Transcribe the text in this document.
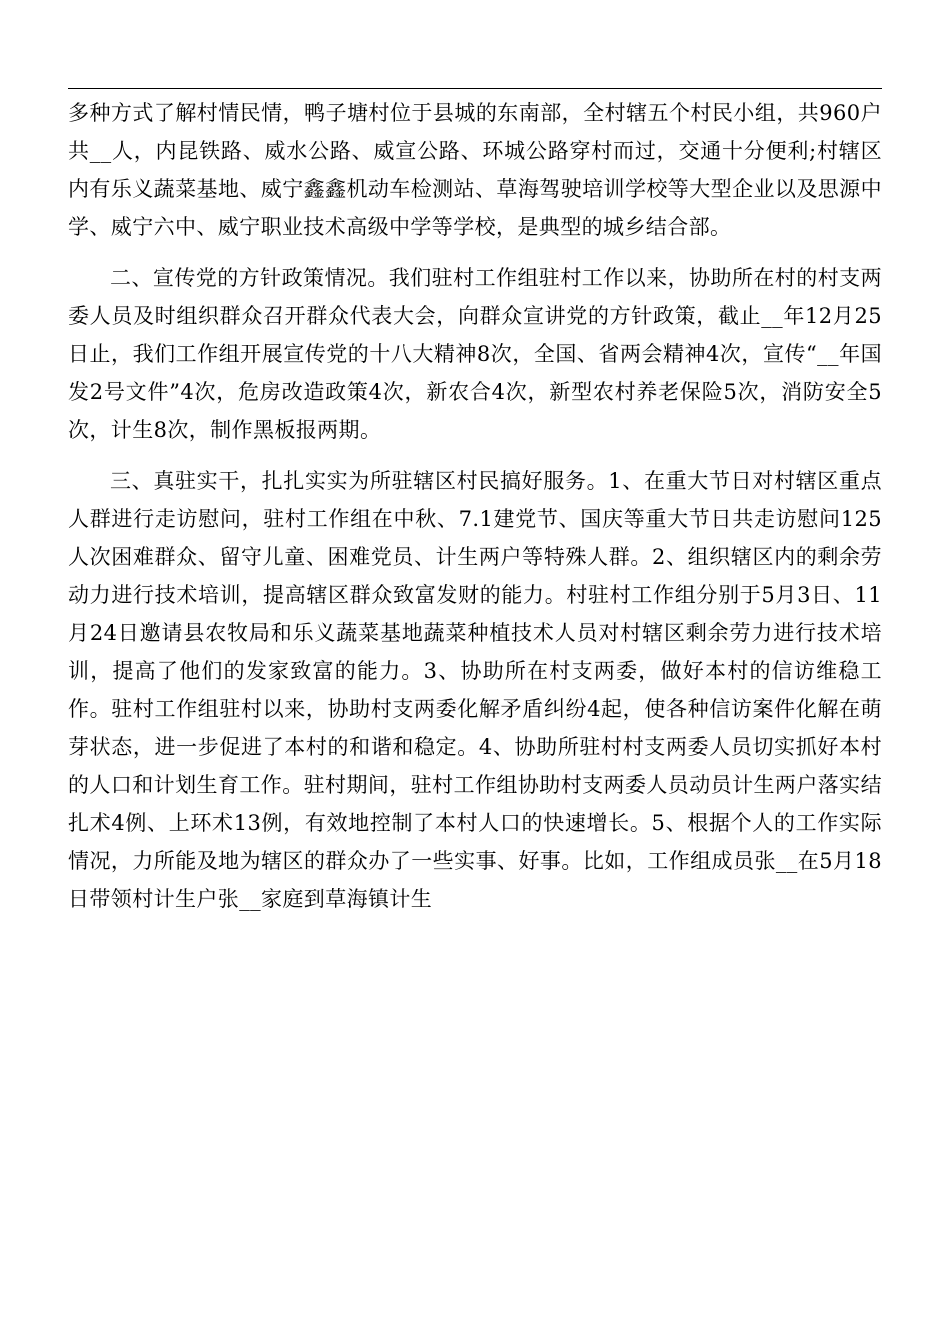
多种方式了解村情民情，鸭子塘村位于县城的东南部，全村辖五个村民小组，共960户共__人，内昆铁路、威水公路、威宣公路、环城公路穿村而过，交通十分便利;村辖区内有乐义蔬菜基地、威宁鑫鑫机动车检测站、草海驾驶培训学校等大型企业以及思源中学、威宁六中、威宁职业技术高级中学等学校，是典型的城乡结合部。

二、宣传党的方针政策情况。我们驻村工作组驻村工作以来，协助所在村的村支两委人员及时组织群众召开群众代表大会，向群众宣讲党的方针政策，截止__年12月25日止，我们工作组开展宣传党的十八大精神8次，全国、省两会精神4次，宣传“__年国发2号文件”4次，危房改造政策4次，新农合4次，新型农村养老保险5次，消防安全5次，计生8次，制作黑板报两期。

三、真驻实干，扎扎实实为所驻辖区村民搞好服务。1、在重大节日对村辖区重点人群进行走访慰问，驻村工作组在中秋、7.1建党节、国庆等重大节日共走访慰问125人次困难群众、留守儿童、困难党员、计生两户等特殊人群。2、组织辖区内的剩余劳动力进行技术培训，提高辖区群众致富发财的能力。村驻村工作组分别于5月3日、11月24日邀请县农牧局和乐义蔬菜基地蔬菜种植技术人员对村辖区剩余劳力进行技术培训，提高了他们的发家致富的能力。3、协助所在村支两委，做好本村的信访维稳工作。驻村工作组驻村以来，协助村支两委化解矛盾纠纷4起，使各种信访案件化解在萌芽状态，进一步促进了本村的和谐和稳定。4、协助所驻村村支两委人员切实抓好本村的人口和计划生育工作。驻村期间，驻村工作组协助村支两委人员动员计生两户落实结扎术4例、上环术13例，有效地控制了本村人口的快速增长。5、根据个人的工作实际情况，力所能及地为辖区的群众办了一些实事、好事。比如，工作组成员张__在5月18日带领村计生户张__家庭到草海镇计生
